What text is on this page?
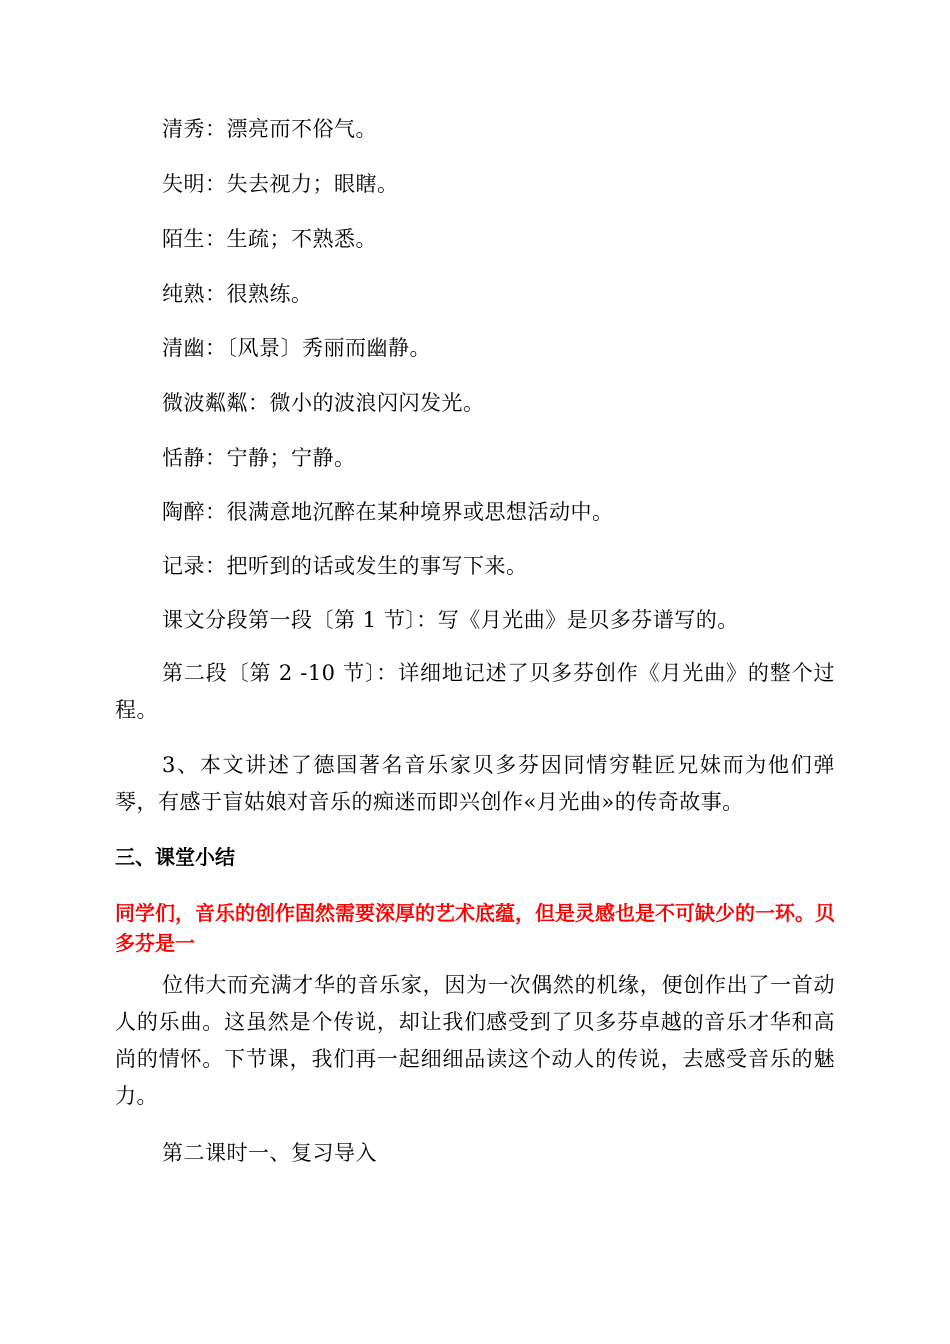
清秀：漂亮而不俗气。
失明：失去视力；眼瞎。
陌生：生疏；不熟悉。
纯熟：很熟练。
清幽：〔风景〕秀丽而幽静。
微波粼粼：微小的波浪闪闪发光。
恬静：宁静；宁静。
陶醉：很满意地沉醉在某种境界或思想活动中。
记录：把听到的话或发生的事写下来。
课文分段第一段〔第 1 节〕：写《月光曲》是贝多芬谱写的。
第二段〔第 2 -10 节〕：详细地记述了贝多芬创作《月光曲》的整个过程。
3、本文讲述了德国著名音乐家贝多芬因同情穷鞋匠兄妹而为他们弹琴，有感于盲姑娘对音乐的痴迷而即兴创作«月光曲»的传奇故事。
三、课堂小结
同学们，音乐的创作固然需要深厚的艺术底蕴，但是灵感也是不可缺少的一环。贝多芬是一
位伟大而充满才华的音乐家，因为一次偶然的机缘，便创作出了一首动人的乐曲。这虽然是个传说，却让我们感受到了贝多芬卓越的音乐才华和高尚的情怀。下节课，我们再一起细细品读这个动人的传说，去感受音乐的魅力。
第二课时一、复习导入
